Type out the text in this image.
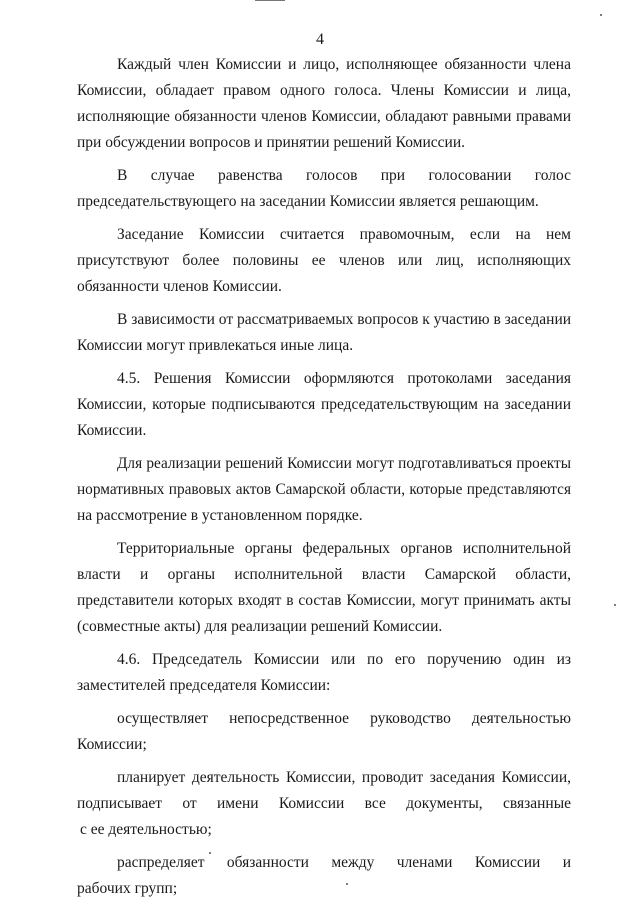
4

Каждый член Комиссии и лицо, исполняющее обязанности члена
Комиссии, обладает правом одного голоса. Члены Комиссии и лица,
исполняющие обязанности членов Комиссии, обладают равными правами
при обсуждении вопросов и принятии решений Комиссии.

В случае равенства голосов при голосовании голос
председательствующего на заседании Комиссии является решающим.

Заседание Комиссии считается правомочным, если на нем
присутствуют более половины ее членов или лиц, исполняющих
обязанности членов Комиссии.

В зависимости от рассматриваемых вопросов к участию в заседании
Комиссии могут привлекаться иные лица.

4.5. Решения Комиссии оформляются протоколами заседания
Комиссии, которые подписываются председательствующим на заседании
Комиссии.

Для реализации решений Комиссии могут подготавливаться проекты
нормативных правовых актов Самарской области, которые представляются
на рассмотрение в установленном порядке.

Территориальные органы федеральных органов исполнительной
власти и органы исполнительной власти Самарской области,
представители которых входят в состав Комиссии, могут принимать акты
(совместные акты) для реализации решений Комиссии.

4.6. Председатель Комиссии или по его поручению один из
заместителей председателя Комиссии:

осуществляет непосредственное руководство деятельностью
Комиссии;

планирует деятельность Комиссии, проводит заседания Комиссии,
подписывает от имени Комиссии все документы, связанные
с ее деятельностью;

распределяет обязанности между членами Комиссии и
рабочих групп;
